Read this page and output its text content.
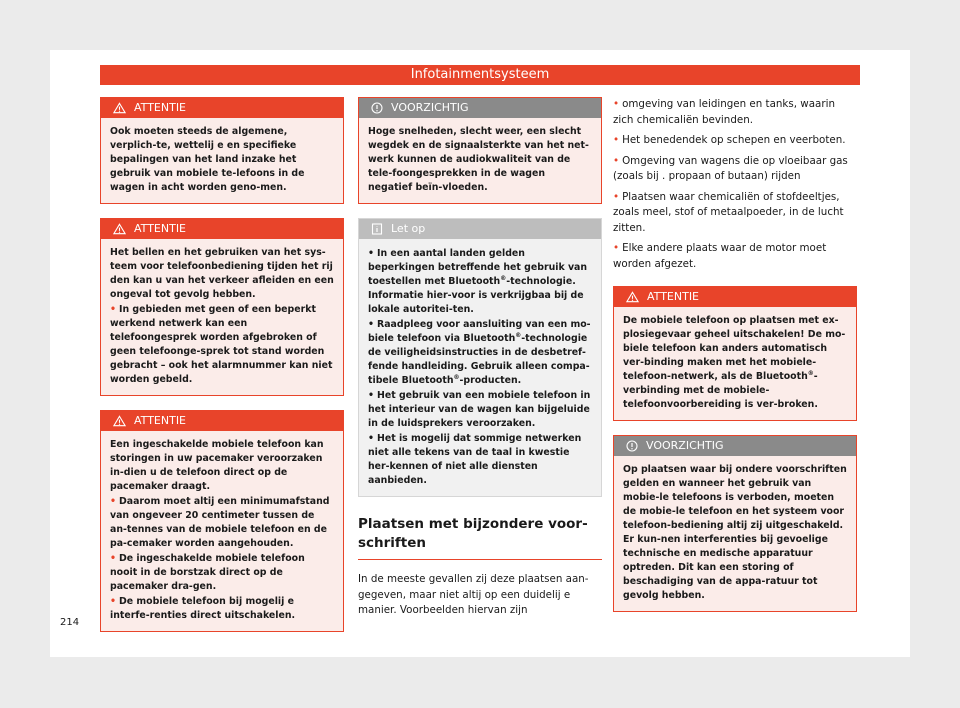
Infotainmentsysteem
ATTENTIE

Ook moeten steeds de algemene, verplich-te, wettelij e en specifieke bepalingen van het land inzake het gebruik van mobiele te-lefoons in de wagen in acht worden geno-men.

ATTENTIE

Het bellen en het gebruiken van het sys-teem voor telefoonbediening tijden het rij den kan u van het verkeer afleiden en een ongeval tot gevolg hebben.

• In gebieden met geen of een beperkt werkend netwerk kan een telefoongesprek worden afgebroken of geen telefoonge-sprek tot stand worden gebracht – ook het alarmnummer kan niet worden gebeld.

ATTENTIE

Een ingeschakelde mobiele telefoon kan storingen in uw pacemaker veroorzaken in-dien u de telefoon direct op de pacemaker draagt.

• Daarom moet altij een minimumafstand van ongeveer 20 centimeter tussen de an-tennes van de mobiele telefoon en de pa-cemaker worden aangehouden.

• De ingeschakelde mobiele telefoon nooit in de borstzak direct op de pacemaker dra-gen.

• De mobiele telefoon bij mogelij e interfe-renties direct uitschakelen.

VOORZICHTIG

Hoge snelheden, slecht weer, een slecht wegdek en de signaalsterkte van het net-werk kunnen de audiokwaliteit van de tele-foongesprekken in de wagen negatief beïn-vloeden.

Let op

• In een aantal landen gelden beperkingen betreffende het gebruik van toestellen met Bluetooth®-technologie. Informatie hier-voor is verkrijgbaa bij de lokale autoritei-ten.

• Raadpleeg voor aansluiting van een mo-biele telefoon via Bluetooth®-technologie de veiligheidsinstructies in de desbetref-fende handleiding. Gebruik alleen compa-tibele Bluetooth®-producten.

• Het gebruik van een mobiele telefoon in het interieur van de wagen kan bijgeluide in de luidsprekers veroorzaken.

• Het is mogelij dat sommige netwerken niet alle tekens van de taal in kwestie her-kennen of niet alle diensten aanbieden.

Plaatsen met bijzondere voor-schriften
In de meeste gevallen zij deze plaatsen aan-gegeven, maar niet altij op een duidelij e manier. Voorbeelden hiervan zijn
• omgeving van leidingen en tanks, waarin zich chemicaliën bevinden.
• Het benedendek op schepen en veerboten.
• Omgeving van wagens die op vloeibaar gas (zoals bij . propaan of butaan) rijden
• Plaatsen waar chemicaliën of stofdeeltjes, zoals meel, stof of metaalpoeder, in de lucht zitten.
• Elke andere plaats waar de motor moet worden afgezet.
ATTENTIE

De mobiele telefoon op plaatsen met ex-plosiegevaar geheel uitschakelen! De mo-biele telefoon kan anders automatisch ver-binding maken met het mobiele-telefoon-netwerk, als de Bluetooth®-verbinding met de mobiele-telefoonvoorbereiding is ver-broken.

VOORZICHTIG

Op plaatsen waar bij ondere voorschriften gelden en wanneer het gebruik van mobie-le telefoons is verboden, moeten de mobie-le telefoon en het systeem voor telefoon-bediening altij zij uitgeschakeld. Er kun-nen interferenties bij gevoelige technische en medische apparatuur optreden. Dit kan een storing of beschadiging van de appa-ratuur tot gevolg hebben.

214
